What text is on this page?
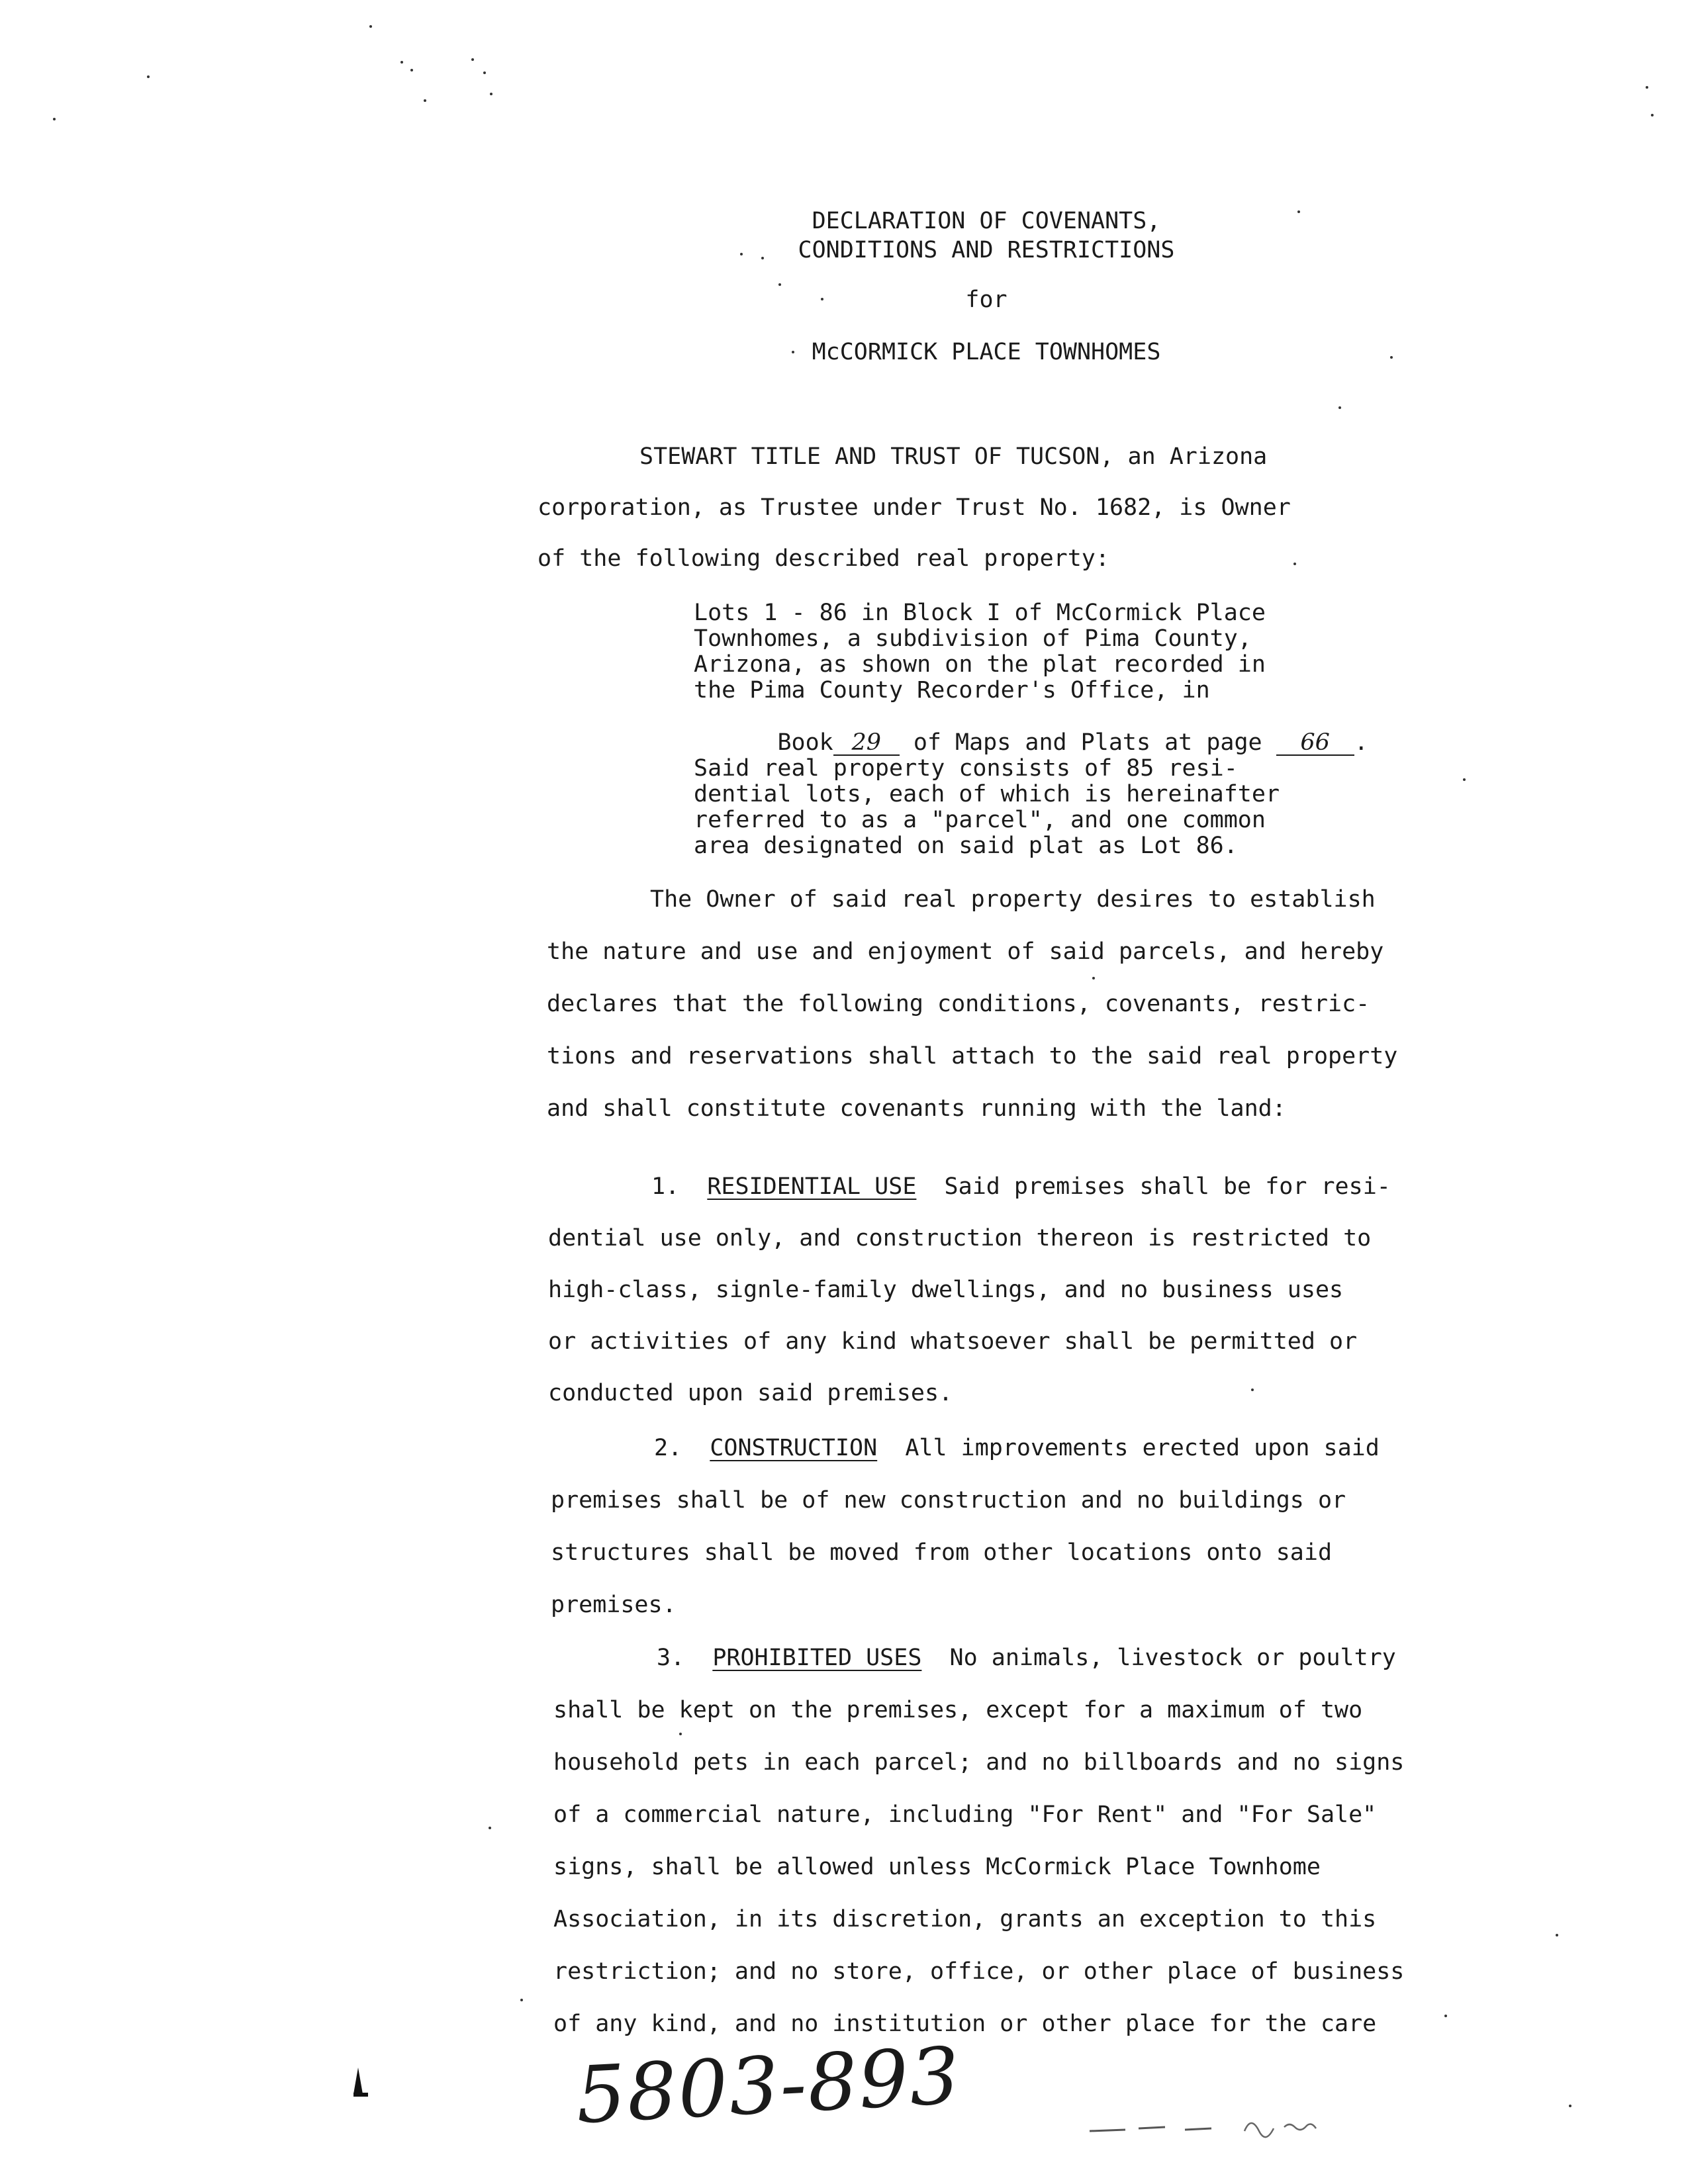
DECLARATION OF COVENANTS,
CONDITIONS AND RESTRICTIONS
for
McCORMICK PLACE TOWNHOMES
STEWART TITLE AND TRUST OF TUCSON, an Arizona
corporation, as Trustee under Trust No. 1682, is Owner
of the following described real property:
Lots 1 - 86 in Block I of McCormick Place
Townhomes, a subdivision of Pima County,
Arizona, as shown on the plat recorded in
the Pima County Recorder's Office, in

Book 29 of Maps and Plats at page 66 .

Said real property consists of 85 resi-
dential lots, each of which is hereinafter
referred to as a "parcel", and one common
area designated on said plat as Lot 86.
The Owner of said real property desires to establish
the nature and use and enjoyment of said parcels, and hereby
declares that the following conditions, covenants, restric-
tions and reservations shall attach to the said real property
and shall constitute covenants running with the land:
1. RESIDENTIAL USE Said premises shall be for resi-
dential use only, and construction thereon is restricted to
high-class, signle-family dwellings, and no business uses
or activities of any kind whatsoever shall be permitted or
conducted upon said premises.
2. CONSTRUCTION All improvements erected upon said
premises shall be of new construction and no buildings or
structures shall be moved from other locations onto said
premises.
3. PROHIBITED USES No animals, livestock or poultry
shall be kept on the premises, except for a maximum of two
household pets in each parcel; and no billboards and no signs
of a commercial nature, including "For Rent" and "For Sale"
signs, shall be allowed unless McCormick Place Townhome
Association, in its discretion, grants an exception to this
restriction; and no store, office, or other place of business
of any kind, and no institution or other place for the care
5803-893
